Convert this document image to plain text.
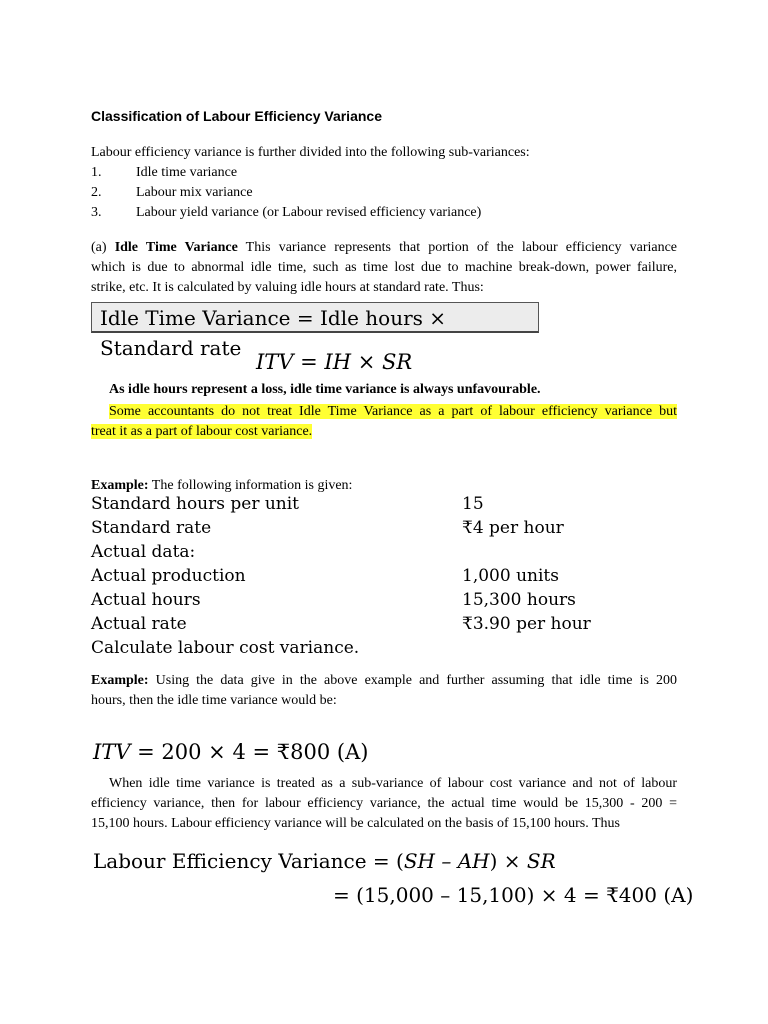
Classification of Labour Efficiency Variance
Labour efficiency variance is further divided into the following sub-variances:
1.	Idle time variance
2.	Labour mix variance
3.	Labour yield variance (or Labour revised efficiency variance)
(a) Idle Time Variance This variance represents that portion of the labour efficiency variance
which is due to abnormal idle time, such as time lost due to machine break-down, power failure,
strike, etc. It is calculated by valuing idle hours at standard rate. Thus:
Idle Time Variance = Idle hours × Standard rate
ITV = IH × SR
As idle hours represent a loss, idle time variance is always unfavourable.
Some accountants do not treat Idle Time Variance as a part of labour efficiency variance but
treat it as a part of labour cost variance.
Example: The following information is given:
Standard hours per unit	15
Standard rate	₹4 per hour
Actual data:
Actual production	1,000 units
Actual hours	15,300 hours
Actual rate	₹3.90 per hour
Calculate labour cost variance.
Example: Using the data give in the above example and further assuming that idle time is 200
hours, then the idle time variance would be:
ITV = 200 × 4 = ₹800 (A)
When idle time variance is treated as a sub-variance of labour cost variance and not of labour
efficiency variance, then for labour efficiency variance, the actual time would be 15,300 - 200 =
15,100 hours. Labour efficiency variance will be calculated on the basis of 15,100 hours. Thus
Labour Efficiency Variance = (SH – AH) × SR
= (15,000 – 15,100) × 4 = ₹400 (A)
